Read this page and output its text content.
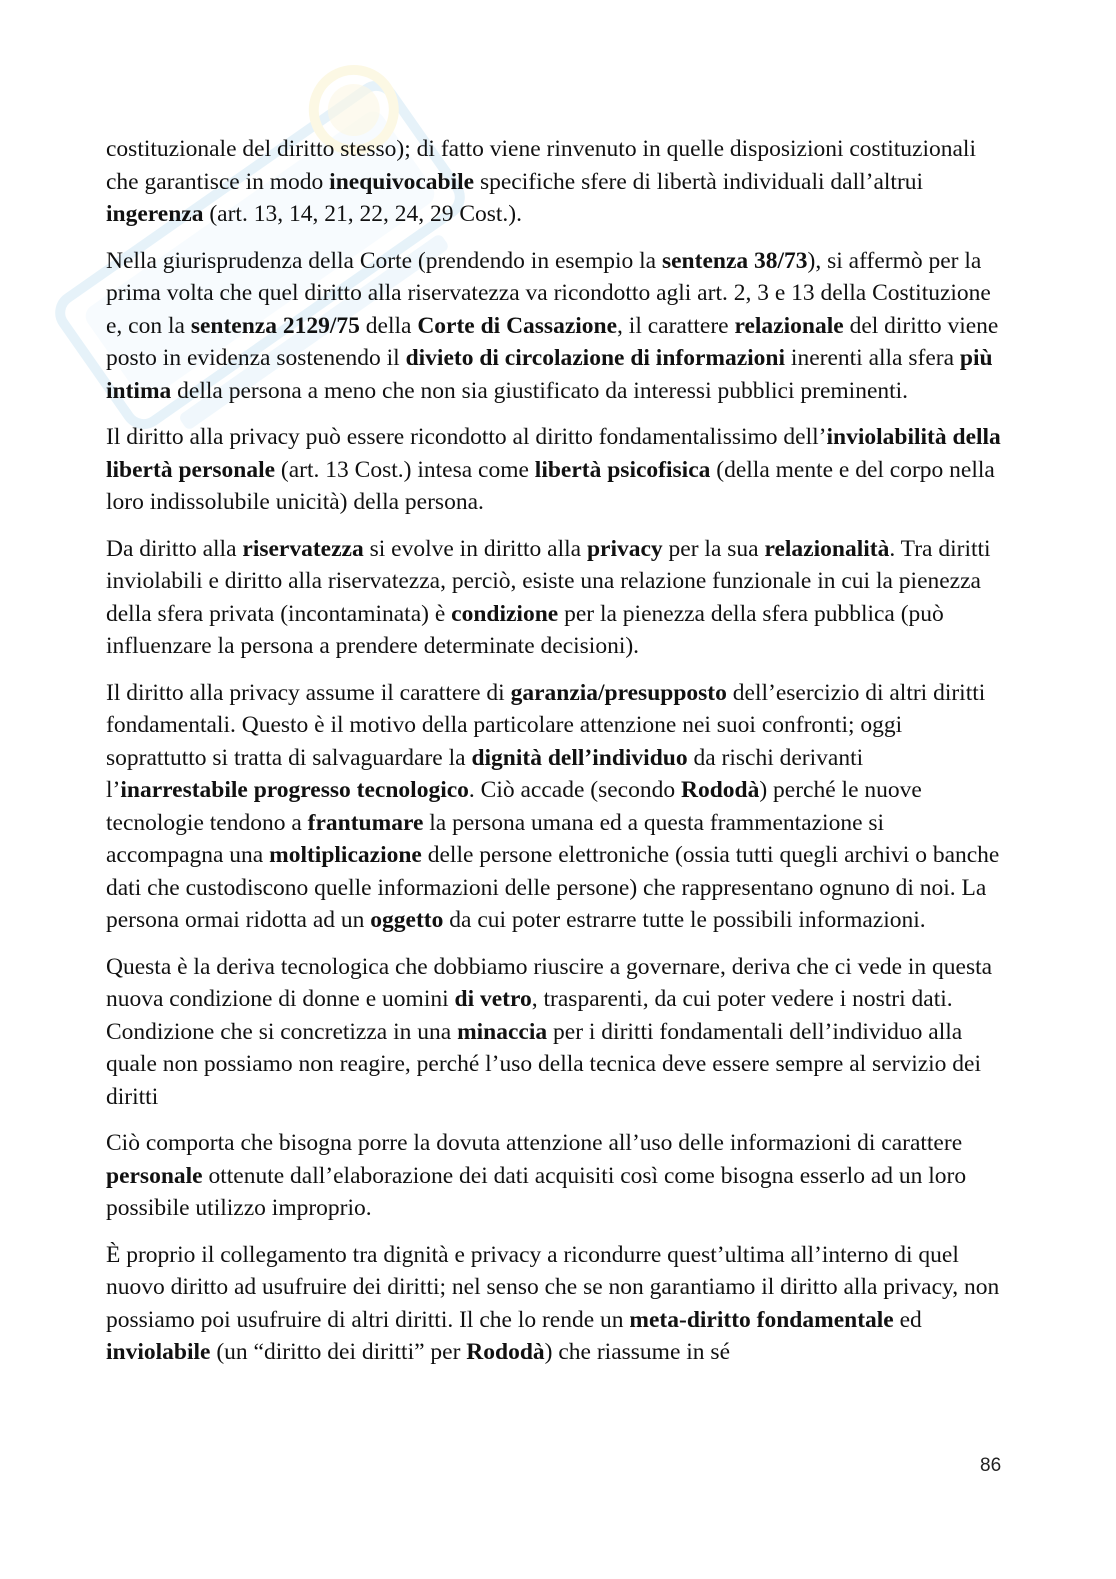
costituzionale del diritto stesso); di fatto viene rinvenuto in quelle disposizioni costituzionali che garantisce in modo inequivocabile specifiche sfere di libertà individuali dall’altrui ingerenza (art. 13, 14, 21, 22, 24, 29 Cost.).

Nella giurisprudenza della Corte (prendendo in esempio la sentenza 38/73), si affermò per la prima volta che quel diritto alla riservatezza va ricondotto agli art. 2, 3 e 13 della Costituzione e, con la sentenza 2129/75 della Corte di Cassazione, il carattere relazionale del diritto viene posto in evidenza sostenendo il divieto di circolazione di informazioni inerenti alla sfera più intima della persona a meno che non sia giustificato da interessi pubblici preminenti.

Il diritto alla privacy può essere ricondotto al diritto fondamentalissimo dell’inviolabilità della libertà personale (art. 13 Cost.) intesa come libertà psicofisica (della mente e del corpo nella loro indissolubile unicità) della persona.

Da diritto alla riservatezza si evolve in diritto alla privacy per la sua relazionalità. Tra diritti inviolabili e diritto alla riservatezza, perciò, esiste una relazione funzionale in cui la pienezza della sfera privata (incontaminata) è condizione per la pienezza della sfera pubblica (può influenzare la persona a prendere determinate decisioni).

Il diritto alla privacy assume il carattere di garanzia/presupposto dell’esercizio di altri diritti fondamentali. Questo è il motivo della particolare attenzione nei suoi confronti; oggi soprattutto si tratta di salvaguardare la dignità dell’individuo da rischi derivanti l’inarrestabile progresso tecnologico. Ciò accade (secondo Rododà) perché le nuove tecnologie tendono a frantumare la persona umana ed a questa frammentazione si accompagna una moltiplicazione delle persone elettroniche (ossia tutti quegli archivi o banche dati che custodiscono quelle informazioni delle persone) che rappresentano ognuno di noi. La persona ormai ridotta ad un oggetto da cui poter estrarre tutte le possibili informazioni.

Questa è la deriva tecnologica che dobbiamo riuscire a governare, deriva che ci vede in questa nuova condizione di donne e uomini di vetro, trasparenti, da cui poter vedere i nostri dati. Condizione che si concretizza in una minaccia per i diritti fondamentali dell’individuo alla quale non possiamo non reagire, perché l’uso della tecnica deve essere sempre al servizio dei diritti

Ciò comporta che bisogna porre la dovuta attenzione all’uso delle informazioni di carattere personale ottenute dall’elaborazione dei dati acquisiti così come bisogna esserlo ad un loro possibile utilizzo improprio.

È proprio il collegamento tra dignità e privacy a ricondurre quest’ultima all’interno di quel nuovo diritto ad usufruire dei diritti; nel senso che se non garantiamo il diritto alla privacy, non possiamo poi usufruire di altri diritti. Il che lo rende un meta-diritto fondamentale ed inviolabile (un “diritto dei diritti” per Rododà) che riassume in sé

86
